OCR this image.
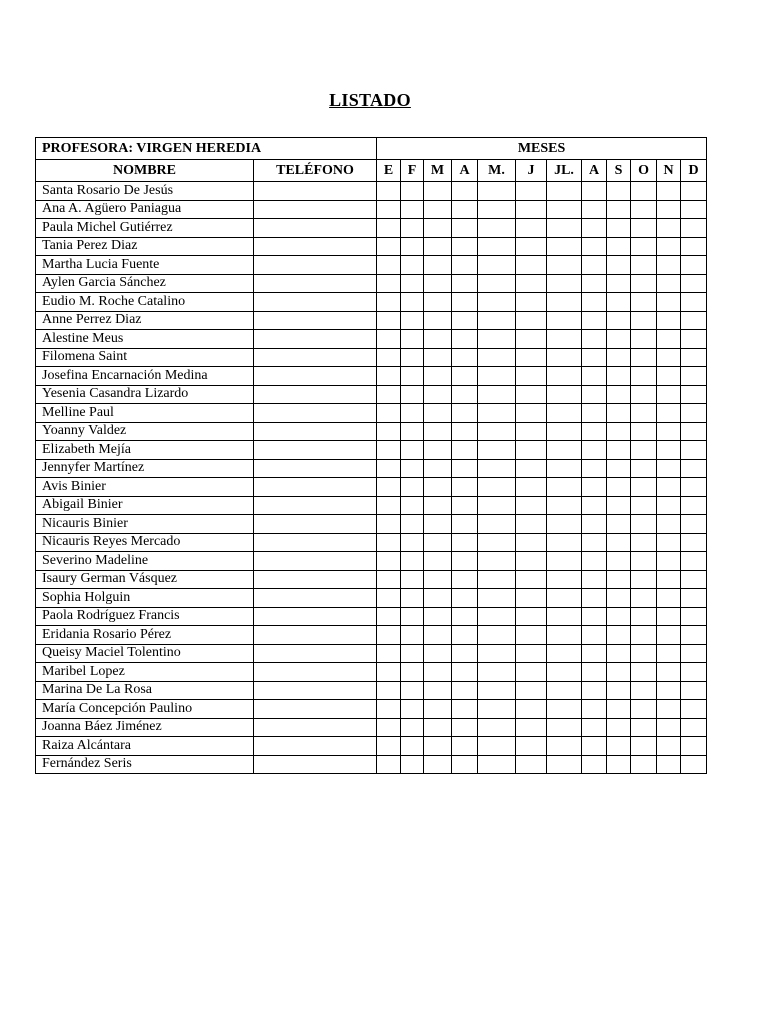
LISTADO
PROFESORA: VIRGEN HEREDIA		MESES											
NOMBRE	TELÉFONO	E	F	M	A	M.	J	JL.	A	S	O	N	D
Santa Rosario De Jesús													
Ana A. Agüero Paniagua													
Paula Michel Gutiérrez													
Tania Perez Diaz													
Martha Lucia Fuente													
Aylen Garcia Sánchez													
Eudio M. Roche Catalino													
Anne Perrez Diaz													
Alestine Meus													
Filomena Saint													
Josefina Encarnación Medina													
Yesenia Casandra Lizardo													
Melline Paul													
Yoanny Valdez													
Elizabeth Mejía													
Jennyfer Martínez													
Avis Binier													
Abigail Binier													
Nicauris Binier													
Nicauris Reyes Mercado													
Severino Madeline													
Isaury German Vásquez													
Sophia Holguin													
Paola Rodríguez Francis													
Eridania Rosario Pérez													
Queisy Maciel Tolentino													
Maribel Lopez													
Marina De La Rosa													
María Concepción Paulino													
Joanna Báez Jiménez													
Raiza Alcántara													
Fernández Seris													
